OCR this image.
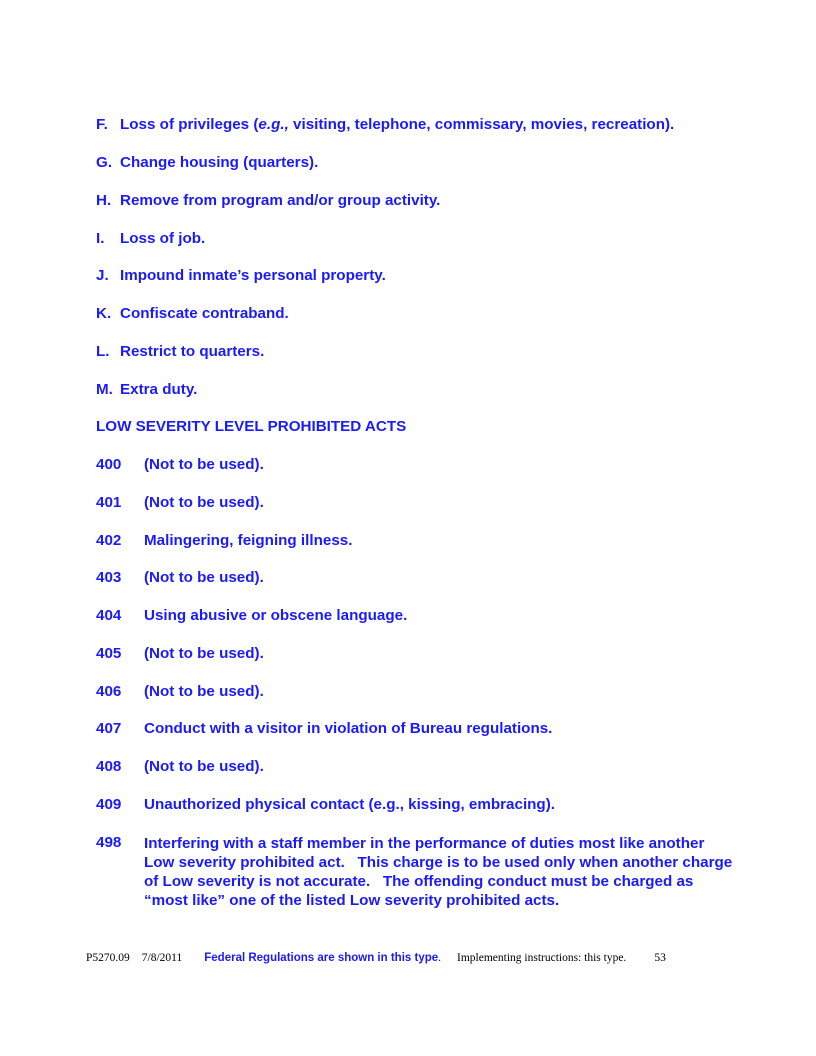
F. Loss of privileges (e.g., visiting, telephone, commissary, movies, recreation).
G. Change housing (quarters).
H. Remove from program and/or group activity.
I. Loss of job.
J. Impound inmate’s personal property.
K. Confiscate contraband.
L. Restrict to quarters.
M. Extra duty.
LOW SEVERITY LEVEL PROHIBITED ACTS
400 (Not to be used).
401 (Not to be used).
402 Malingering, feigning illness.
403 (Not to be used).
404 Using abusive or obscene language.
405 (Not to be used).
406 (Not to be used).
407 Conduct with a visitor in violation of Bureau regulations.
408 (Not to be used).
409 Unauthorized physical contact (e.g., kissing, embracing).
498	Interfering with a staff member in the performance of duties most like another Low severity prohibited act.   This charge is to be used only when another charge of Low severity is not accurate.   The offending conduct must be charged as “most like” one of the listed Low severity prohibited acts.
P5270.09 7/8/2011 Federal Regulations are shown in this type. Implementing instructions: this type. 53
